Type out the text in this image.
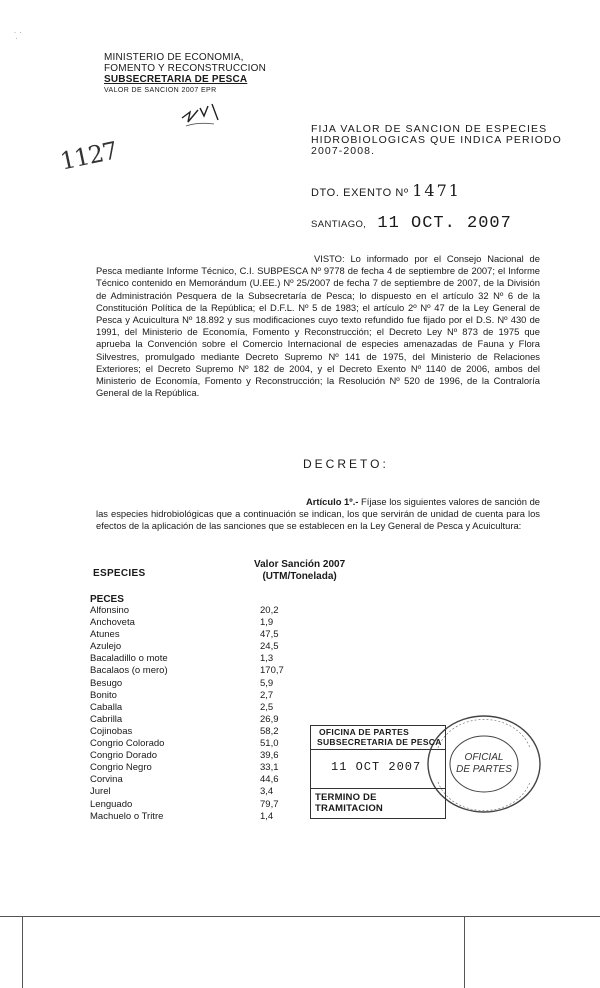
·  ·
·
MINISTERIO DE ECONOMIA,
FOMENTO Y RECONSTRUCCION
SUBSECRETARIA DE PESCA
VALOR DE SANCION 2007 EPR
1127
FIJA VALOR DE SANCION DE ESPECIES
HIDROBIOLOGICAS QUE INDICA PERIODO
2007-2008.
DTO. EXENTO Nº 1471
SANTIAGO, 11 OCT. 2007
VISTO: Lo informado por el Consejo Nacional de Pesca mediante Informe Técnico, C.I. SUBPESCA Nº 9778 de fecha 4 de septiembre de 2007; el Informe Técnico contenido en Memorándum (U.EE.) Nº 25/2007 de fecha 7 de septiembre de 2007, de la División de Administración Pesquera de la Subsecretaría de Pesca; lo dispuesto en el artículo 32 Nº 6 de la Constitución Política de la República; el D.F.L. Nº 5 de 1983; el artículo 2º Nº 47 de la Ley General de Pesca y Acuicultura Nº 18.892 y sus modificaciones cuyo texto refundido fue fijado por el D.S. Nº 430 de 1991, del Ministerio de Economía, Fomento y Reconstrucción; el Decreto Ley Nº 873 de 1975 que aprueba la Convención sobre el Comercio Internacional de especies amenazadas de Fauna y Flora Silvestres, promulgado mediante Decreto Supremo Nº 141 de 1975, del Ministerio de Relaciones Exteriores; el Decreto Supremo Nº 182 de 2004, y el Decreto Exento Nº 1140 de 2006, ambos del Ministerio de Economía, Fomento y Reconstrucción; la Resolución Nº 520 de 1996, de la Contraloría General de la República.
DECRETO:
Artículo 1º.- Fíjase los siguientes valores de sanción de las especies hidrobiológicas que a continuación se indican, los que servirán de unidad de cuenta para los efectos de la aplicación de las sanciones que se establecen en la Ley General de Pesca y Acuicultura:
Valor Sanción 2007
(UTM/Tonelada)
ESPECIES
PECES
Alfonsino	20,2
Anchoveta	1,9
Atunes	47,5
Azulejo	24,5
Bacaladillo o mote	1,3
Bacalaos (o mero)	170,7
Besugo	5,9
Bonito	2,7
Caballa	2,5
Cabrilla	26,9
Cojinobas	58,2
Congrio Colorado	51,0
Congrio Dorado	39,6
Congrio Negro	33,1
Corvina	44,6
Jurel	3,4
Lenguado	79,7
Machuelo o Tritre	1,4
OFICIAL
DE PARTES
OFICINA DE PARTES
SUBSECRETARIA DE PESCA
11 OCT 2007
TERMINO DE TRAMITACION
